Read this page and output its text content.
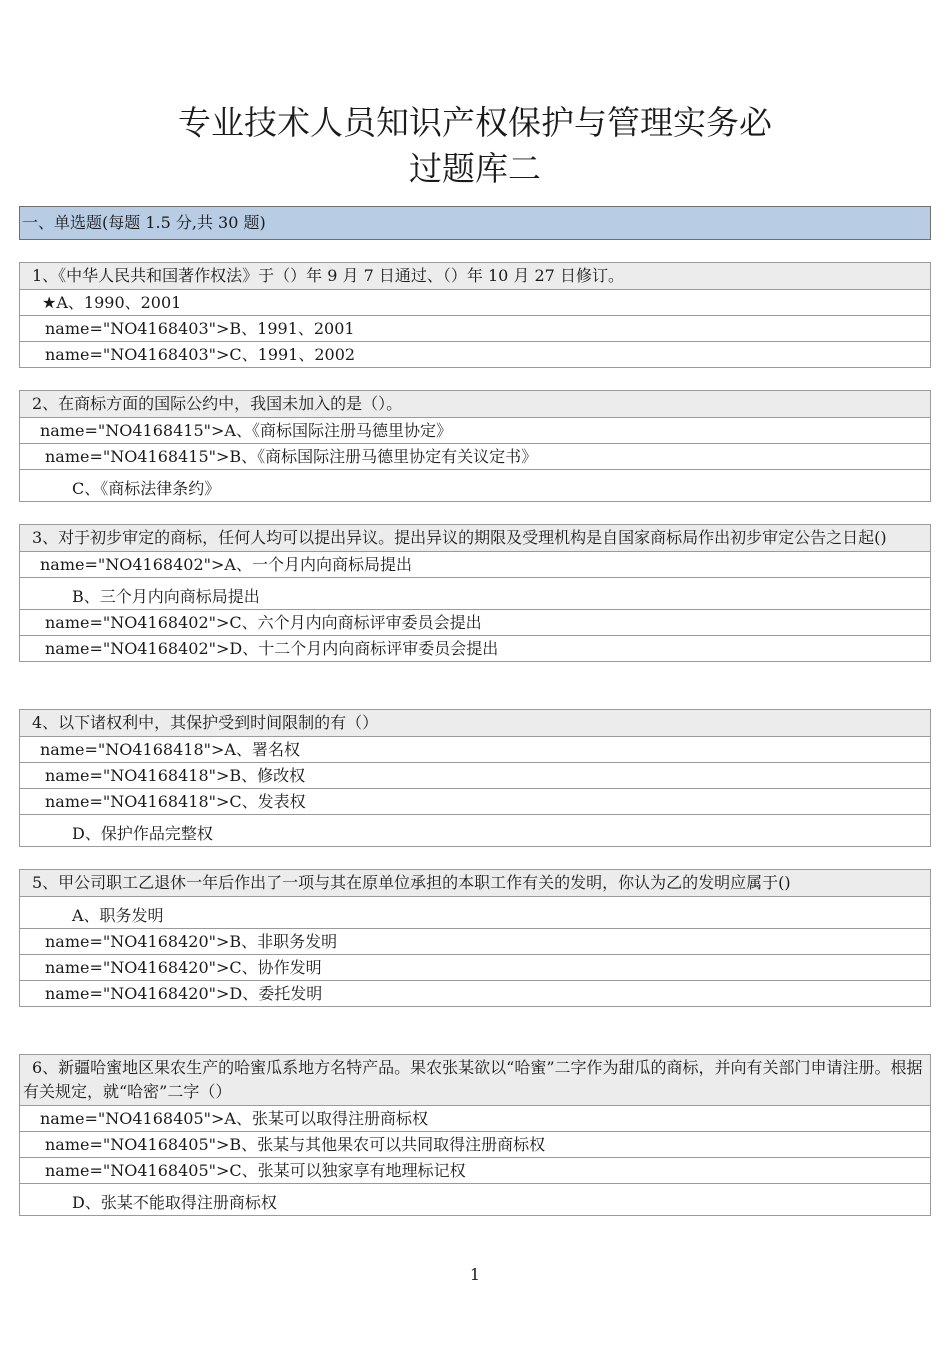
专业技术人员知识产权保护与管理实务必
过题库二
一、单选题(每题 1.5 分,共 30 题)
1、《中华人民共和国著作权法》于（）年 9 月 7 日通过、（）年 10 月 27 日修订。
★A、1990、2001
name="NO4168403">B、1991、2001
name="NO4168403">C、1991、2002
2、在商标方面的国际公约中，我国未加入的是（）。
name="NO4168415">A、《商标国际注册马德里协定》
name="NO4168415">B、《商标国际注册马德里协定有关议定书》
C、《商标法律条约》
3、对于初步审定的商标，任何人均可以提出异议。提出异议的期限及受理机构是自国家商标局作出初步审定公告之日起()
name="NO4168402">A、一个月内向商标局提出
B、三个月内向商标局提出
name="NO4168402">C、六个月内向商标评审委员会提出
name="NO4168402">D、十二个月内向商标评审委员会提出
4、以下诸权利中，其保护受到时间限制的有（）
name="NO4168418">A、署名权
name="NO4168418">B、修改权
name="NO4168418">C、发表权
D、保护作品完整权
5、甲公司职工乙退休一年后作出了一项与其在原单位承担的本职工作有关的发明，你认为乙的发明应属于()
A、职务发明
name="NO4168420">B、非职务发明
name="NO4168420">C、协作发明
name="NO4168420">D、委托发明
6、新疆哈蜜地区果农生产的哈蜜瓜系地方名特产品。果农张某欲以“哈蜜”二字作为甜瓜的商标，并向有关部门申请注册。根据有关规定，就“哈密”二字（）
name="NO4168405">A、张某可以取得注册商标权
name="NO4168405">B、张某与其他果农可以共同取得注册商标权
name="NO4168405">C、张某可以独家享有地理标记权
D、张某不能取得注册商标权
1
